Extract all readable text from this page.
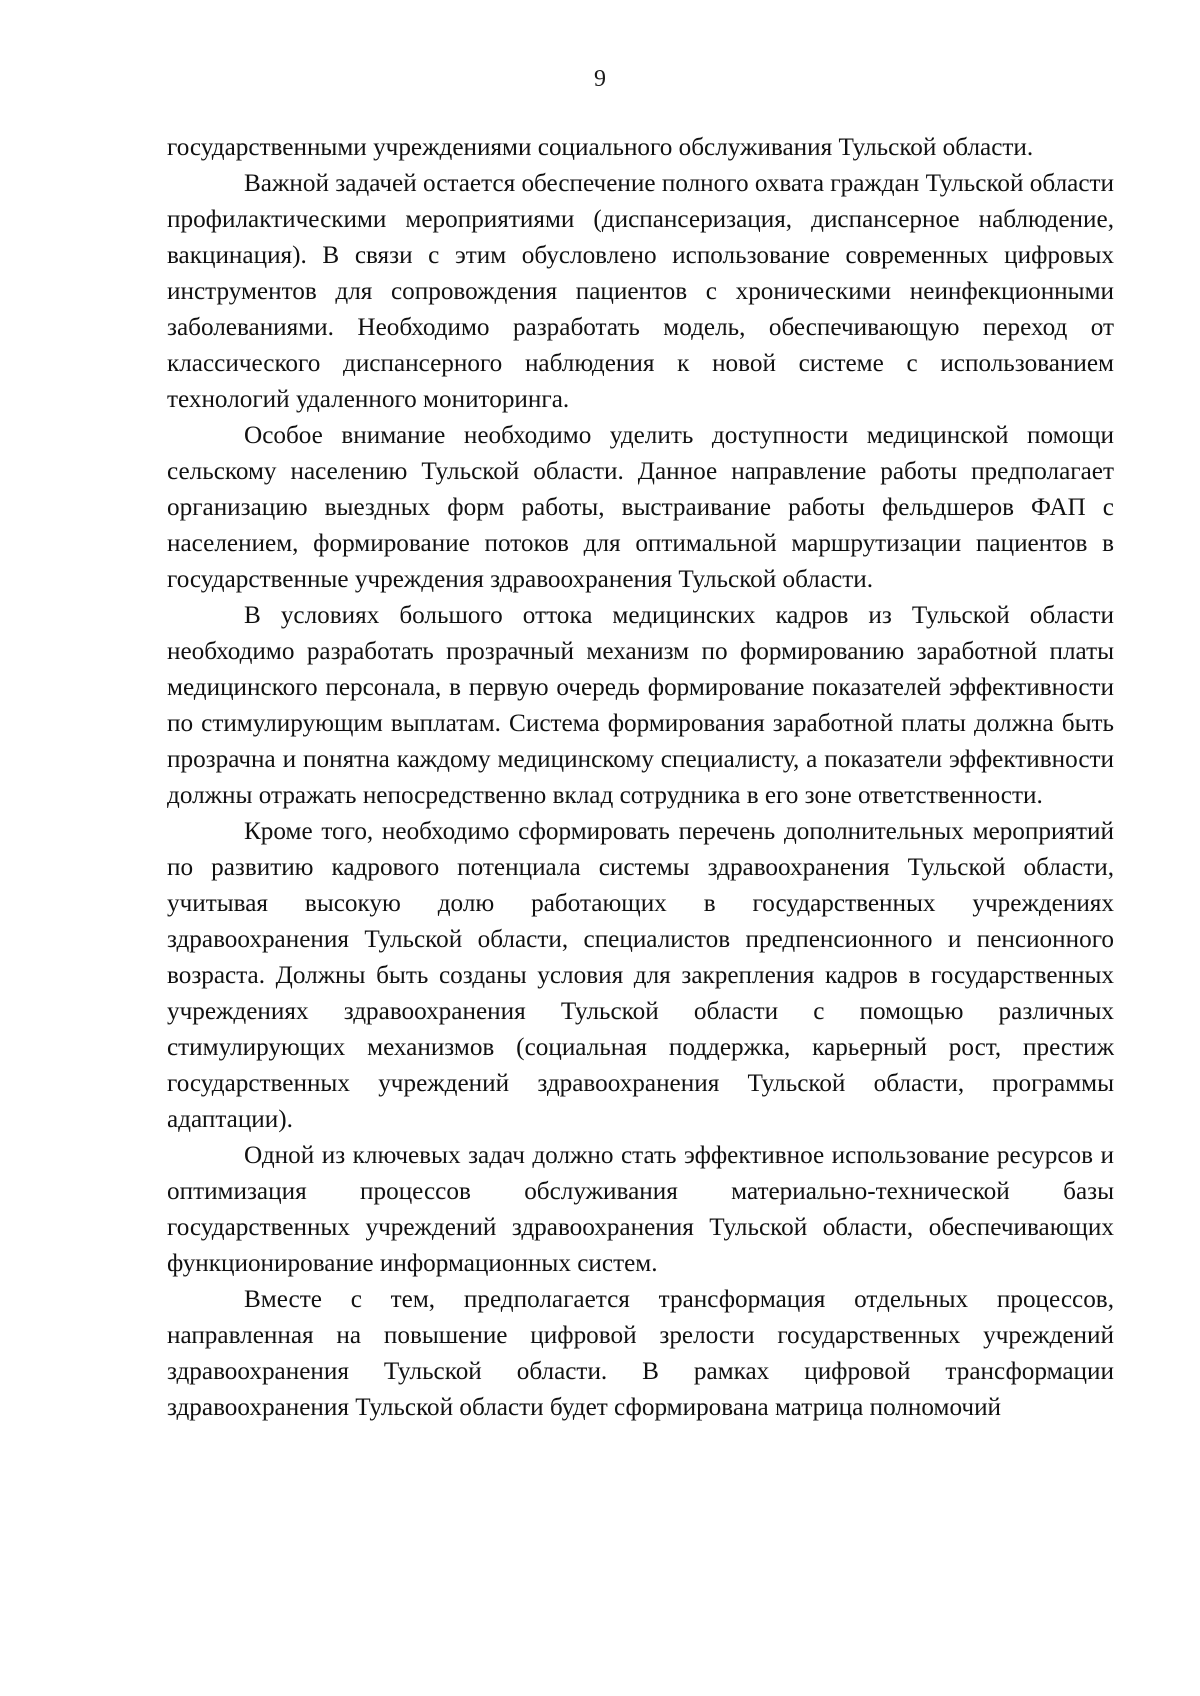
9

государственными учреждениями социального обслуживания Тульской области.

Важной задачей остается обеспечение полного охвата граждан Тульской области профилактическими мероприятиями (диспансеризация, диспансерное наблюдение, вакцинация). В связи с этим обусловлено использование современных цифровых инструментов для сопровождения пациентов с хроническими неинфекционными заболеваниями. Необходимо разработать модель, обеспечивающую переход от классического диспансерного наблюдения к новой системе с использованием технологий удаленного мониторинга.

Особое внимание необходимо уделить доступности медицинской помощи сельскому населению Тульской области. Данное направление работы предполагает организацию выездных форм работы, выстраивание работы фельдшеров ФАП с населением, формирование потоков для оптимальной маршрутизации пациентов в государственные учреждения здравоохранения Тульской области.

В условиях большого оттока медицинских кадров из Тульской области необходимо разработать прозрачный механизм по формированию заработной платы медицинского персонала, в первую очередь формирование показателей эффективности по стимулирующим выплатам. Система формирования заработной платы должна быть прозрачна и понятна каждому медицинскому специалисту, а показатели эффективности должны отражать непосредственно вклад сотрудника в его зоне ответственности.

Кроме того, необходимо сформировать перечень дополнительных мероприятий по развитию кадрового потенциала системы здравоохранения Тульской области, учитывая высокую долю работающих в государственных учреждениях здравоохранения Тульской области, специалистов предпенсионного и пенсионного возраста. Должны быть созданы условия для закрепления кадров в государственных учреждениях здравоохранения Тульской области с помощью различных стимулирующих механизмов (социальная поддержка, карьерный рост, престиж государственных учреждений здравоохранения Тульской области, программы адаптации).

Одной из ключевых задач должно стать эффективное использование ресурсов и оптимизация процессов обслуживания материально-технической базы государственных учреждений здравоохранения Тульской области, обеспечивающих функционирование информационных систем.

Вместе с тем, предполагается трансформация отдельных процессов, направленная на повышение цифровой зрелости государственных учреждений здравоохранения Тульской области. В рамках цифровой трансформации здравоохранения Тульской области будет сформирована матрица полномочий
